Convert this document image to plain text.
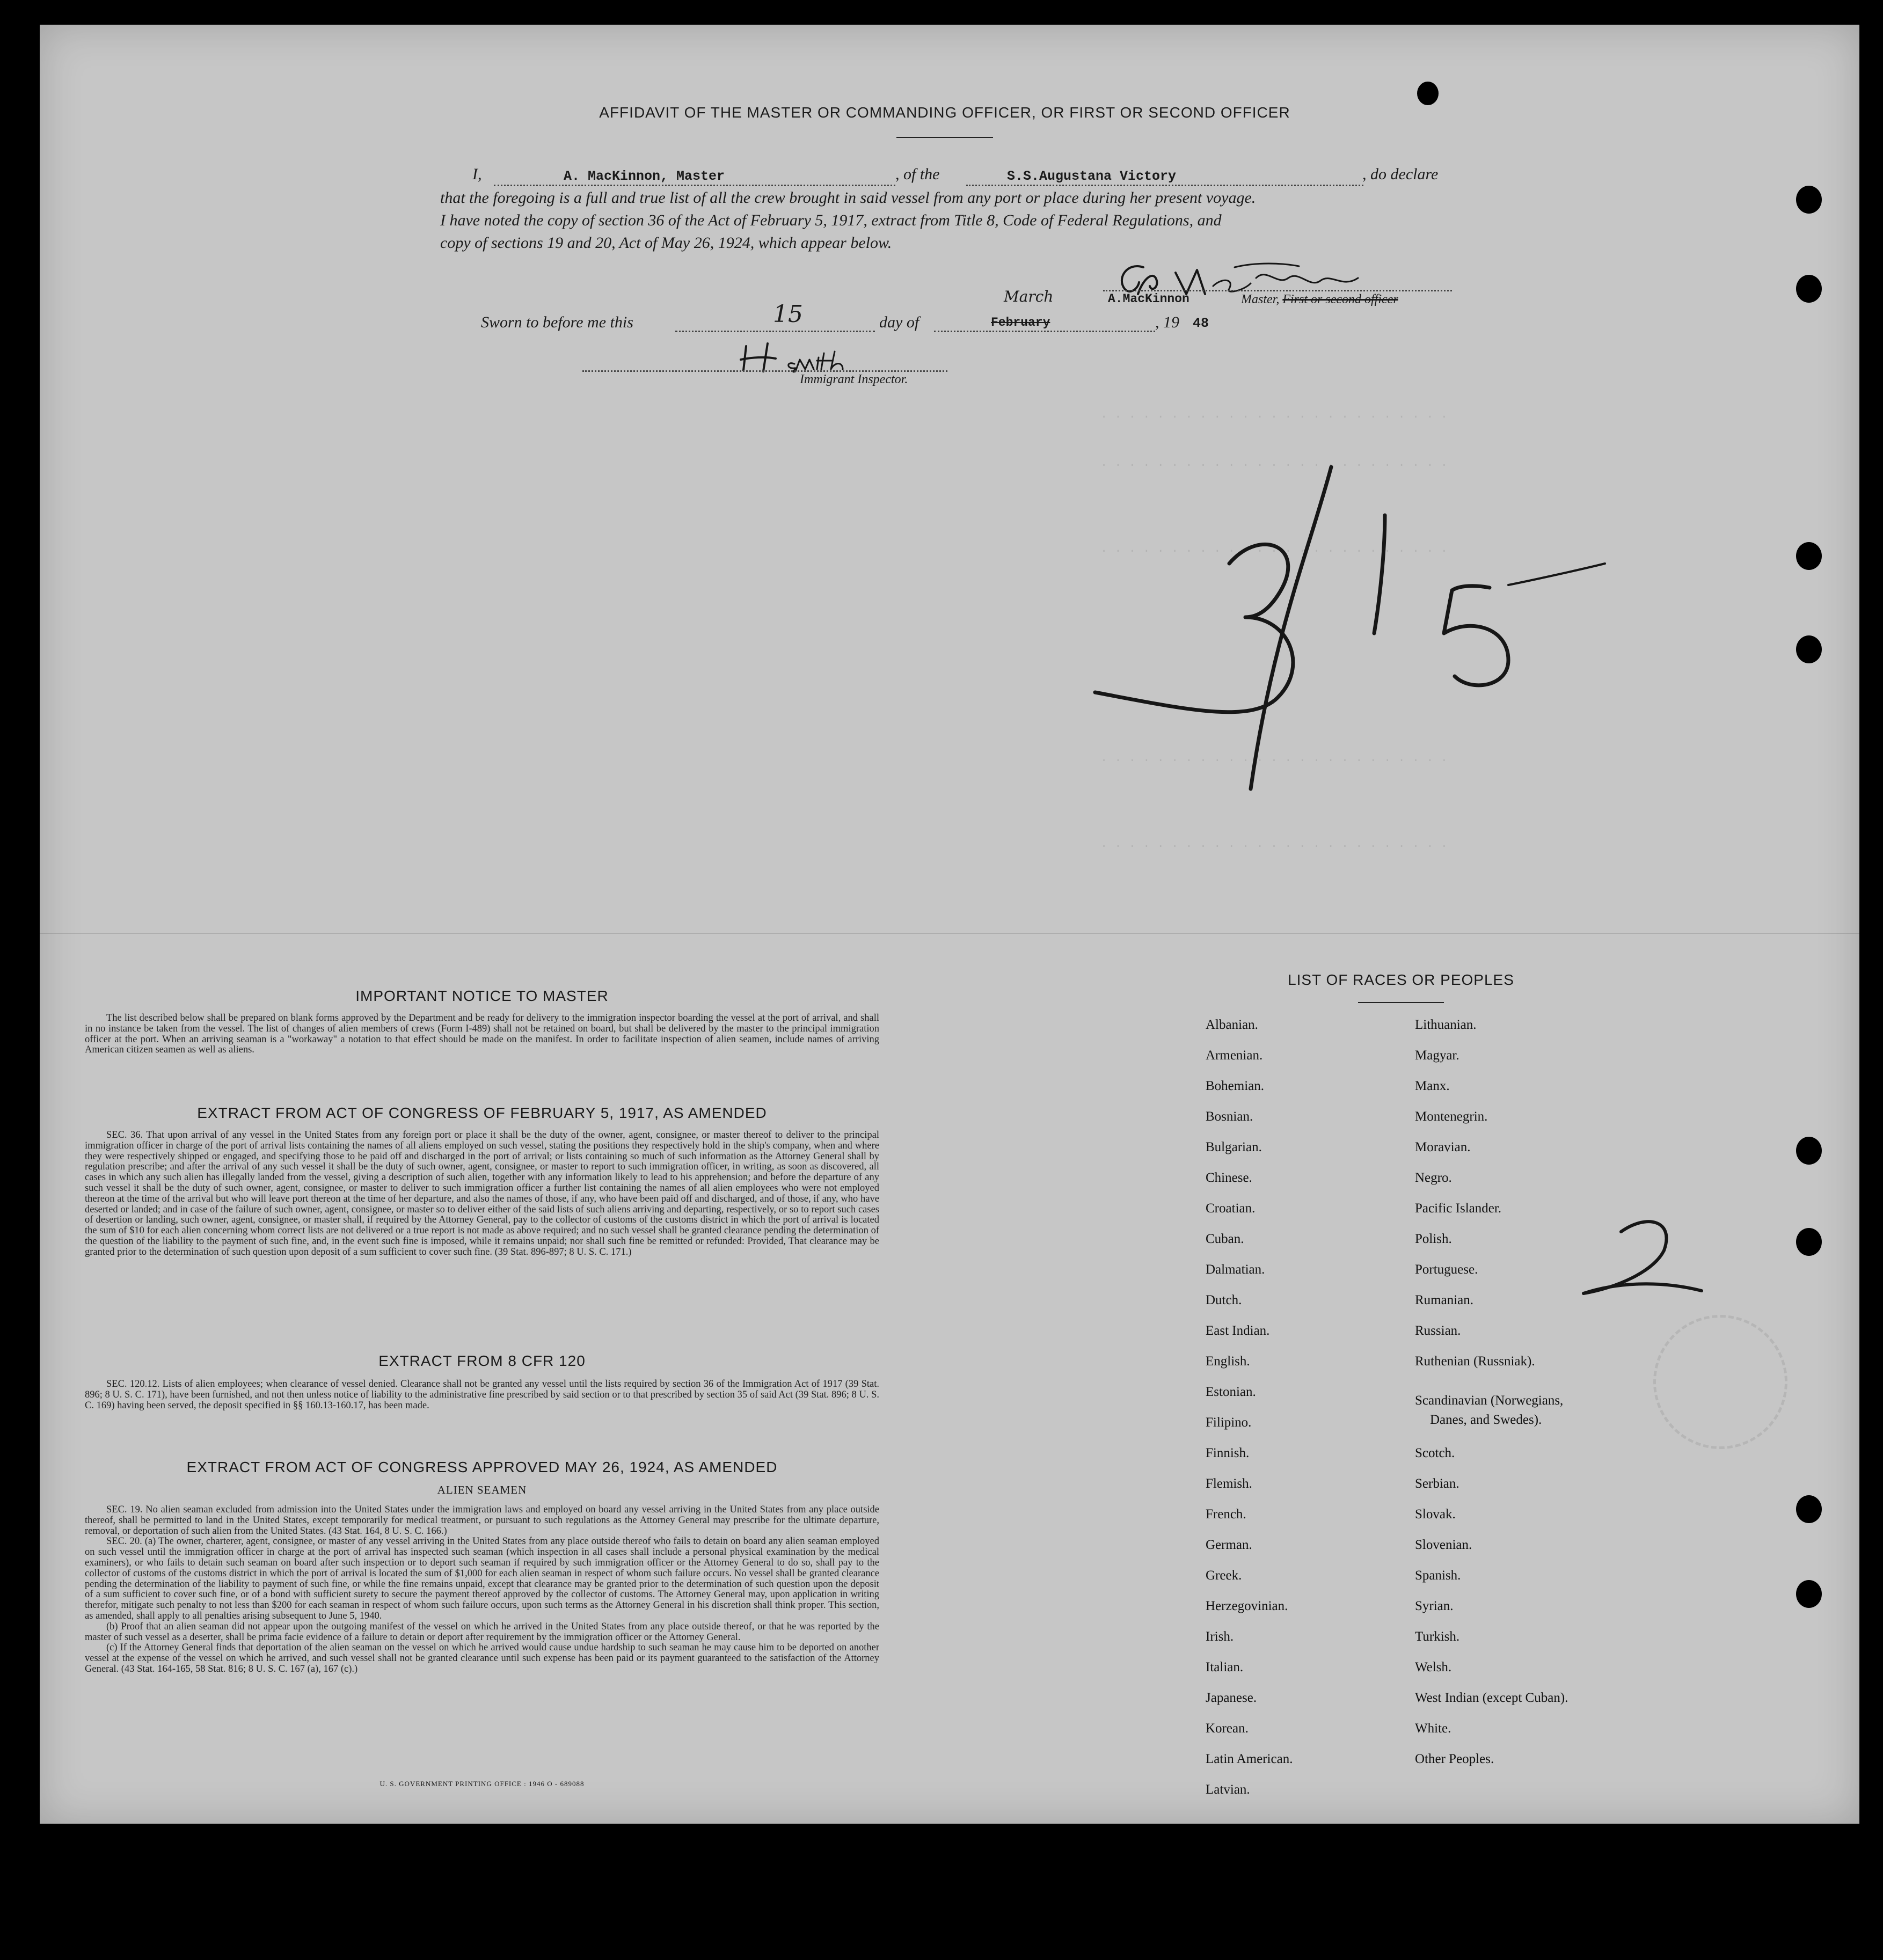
. . . . . . . . . . . . . . . . . . . . . . . . .
. . . . . . . . . . . . . . . . . . . . . . . . .
. . . . . . . . . . . . . . . . . . . . . . . . .
. . . . . . . . . . . . . . . . . . . . . . . . .
. . . . . . . . . . . . . . . . . . . . . . . . .
AFFIDAVIT OF THE MASTER OR COMMANDING OFFICER, OR FIRST OR SECOND OFFICER
I,	A. MacKinnon, Master	, of the	S.S.Augustana Victory	, do declare
that the foregoing is a full and true list of all the crew brought in said vessel from any port or place during her present voyage.
I have noted the copy of section 36 of the Act of February 5, 1917, extract from Title 8, Code of Federal Regulations, and
copy of sections 19 and 20, Act of May 26, 1924, which appear below.
A.MacKinnon	Master, First or second officer
Sworn to before me this	15	day of	February
March
, 19 48
Immigrant Inspector.
IMPORTANT NOTICE TO MASTER

The list described below shall be prepared on blank forms approved by the Department and be ready for delivery to the immigration inspector boarding the vessel at the port of arrival, and shall in no instance be taken from the vessel. The list of changes of alien members of crews (Form I-489) shall not be retained on board, but shall be delivered by the master to the principal immigration officer at the port. When an arriving seaman is a "workaway" a notation to that effect should be made on the manifest. In order to facilitate inspection of alien seamen, include names of arriving American citizen seamen as well as aliens.

EXTRACT FROM ACT OF CONGRESS OF FEBRUARY 5, 1917, AS AMENDED

SEC. 36. That upon arrival of any vessel in the United States from any foreign port or place it shall be the duty of the owner, agent, consignee, or master thereof to deliver to the principal immigration officer in charge of the port of arrival lists containing the names of all aliens employed on such vessel, stating the positions they respectively hold in the ship's company, when and where they were respectively shipped or engaged, and specifying those to be paid off and discharged in the port of arrival; or lists containing so much of such information as the Attorney General shall by regulation prescribe; and after the arrival of any such vessel it shall be the duty of such owner, agent, consignee, or master to report to such immigration officer, in writing, as soon as discovered, all cases in which any such alien has illegally landed from the vessel, giving a description of such alien, together with any information likely to lead to his apprehension; and before the departure of any such vessel it shall be the duty of such owner, agent, consignee, or master to deliver to such immigration officer a further list containing the names of all alien employees who were not employed thereon at the time of the arrival but who will leave port thereon at the time of her departure, and also the names of those, if any, who have been paid off and discharged, and of those, if any, who have deserted or landed; and in case of the failure of such owner, agent, consignee, or master so to deliver either of the said lists of such aliens arriving and departing, respectively, or so to report such cases of desertion or landing, such owner, agent, consignee, or master shall, if required by the Attorney General, pay to the collector of customs of the customs district in which the port of arrival is located the sum of $10 for each alien concerning whom correct lists are not delivered or a true report is not made as above required; and no such vessel shall be granted clearance pending the determination of the question of the liability to the payment of such fine, and, in the event such fine is imposed, while it remains unpaid; nor shall such fine be remitted or refunded: Provided, That clearance may be granted prior to the determination of such question upon deposit of a sum sufficient to cover such fine. (39 Stat. 896-897; 8 U. S. C. 171.)

EXTRACT FROM 8 CFR 120

SEC. 120.12. Lists of alien employees; when clearance of vessel denied. Clearance shall not be granted any vessel until the lists required by section 36 of the Immigration Act of 1917 (39 Stat. 896; 8 U. S. C. 171), have been furnished, and not then unless notice of liability to the administrative fine prescribed by said section or to that prescribed by section 35 of said Act (39 Stat. 896; 8 U. S. C. 169) having been served, the deposit specified in §§ 160.13-160.17, has been made.

EXTRACT FROM ACT OF CONGRESS APPROVED MAY 26, 1924, AS AMENDED
ALIEN SEAMEN

SEC. 19. No alien seaman excluded from admission into the United States under the immigration laws and employed on board any vessel arriving in the United States from any place outside thereof, shall be permitted to land in the United States, except temporarily for medical treatment, or pursuant to such regulations as the Attorney General may prescribe for the ultimate departure, removal, or deportation of such alien from the United States. (43 Stat. 164, 8 U. S. C. 166.)

SEC. 20. (a) The owner, charterer, agent, consignee, or master of any vessel arriving in the United States from any place outside thereof who fails to detain on board any alien seaman employed on such vessel until the immigration officer in charge at the port of arrival has inspected such seaman (which inspection in all cases shall include a personal physical examination by the medical examiners), or who fails to detain such seaman on board after such inspection or to deport such seaman if required by such immigration officer or the Attorney General to do so, shall pay to the collector of customs of the customs district in which the port of arrival is located the sum of $1,000 for each alien seaman in respect of whom such failure occurs. No vessel shall be granted clearance pending the determination of the liability to payment of such fine, or while the fine remains unpaid, except that clearance may be granted prior to the determination of such question upon the deposit of a sum sufficient to cover such fine, or of a bond with sufficient surety to secure the payment thereof approved by the collector of customs. The Attorney General may, upon application in writing therefor, mitigate such penalty to not less than $200 for each seaman in respect of whom such failure occurs, upon such terms as the Attorney General in his discretion shall think proper. This section, as amended, shall apply to all penalties arising subsequent to June 5, 1940.

(b) Proof that an alien seaman did not appear upon the outgoing manifest of the vessel on which he arrived in the United States from any place outside thereof, or that he was reported by the master of such vessel as a deserter, shall be prima facie evidence of a failure to detain or deport after requirement by the immigration officer or the Attorney General.

(c) If the Attorney General finds that deportation of the alien seaman on the vessel on which he arrived would cause undue hardship to such seaman he may cause him to be deported on another vessel at the expense of the vessel on which he arrived, and such vessel shall not be granted clearance until such expense has been paid or its payment guaranteed to the satisfaction of the Attorney General. (43 Stat. 164-165, 58 Stat. 816; 8 U. S. C. 167 (a), 167 (c).)

U. S. GOVERNMENT PRINTING OFFICE : 1946 O - 689088
LIST OF RACES OR PEOPLES
Albanian.
Armenian.
Bohemian.
Bosnian.
Bulgarian.
Chinese.
Croatian.
Cuban.
Dalmatian.
Dutch.
East Indian.
English.
Estonian.
Filipino.
Finnish.
Flemish.
French.
German.
Greek.
Herzegovinian.
Irish.
Italian.
Japanese.
Korean.
Latin American.
Latvian.
Lithuanian.
Magyar.
Manx.
Montenegrin.
Moravian.
Negro.
Pacific Islander.
Polish.
Portuguese.
Rumanian.
Russian.
Ruthenian (Russniak).
Scandinavian (Norwegians,
Danes, and Swedes).
Scotch.
Serbian.
Slovak.
Slovenian.
Spanish.
Syrian.
Turkish.
Welsh.
West Indian (except Cuban).
White.
Other Peoples.
